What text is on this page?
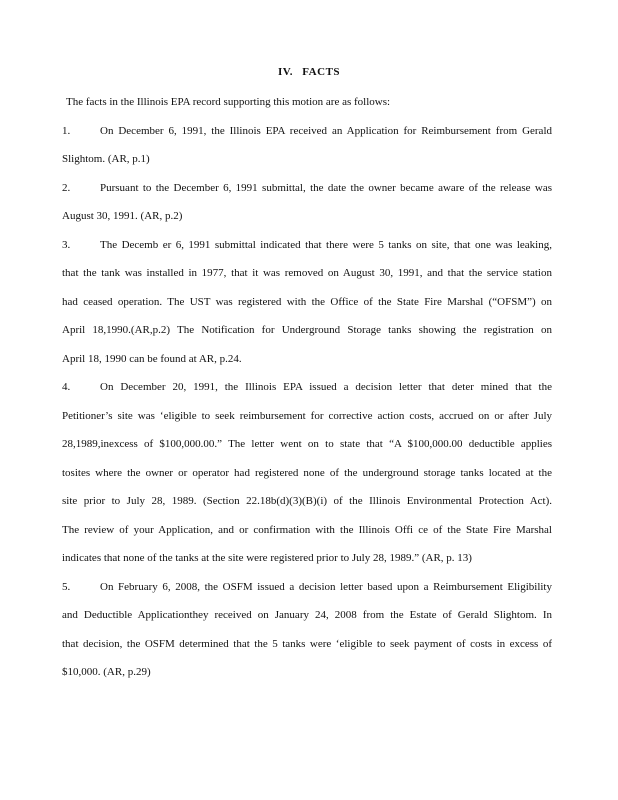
IV. FACTS
The facts in the Illinois EPA record supporting this motion are as follows:
1.	On December 6, 1991, the Illinois EPA received an Application for Reimbursement from Gerald
Slightom. (AR, p.1)
2.	Pursuant to the December 6, 1991 submittal, the date the owner became aware of the release was
August 30, 1991. (AR, p.2)
3.	The Decemb er 6, 1991 submittal indicated that there were 5 tanks on site, that one was leaking,
that the tank was installed in 1977, that it was removed on August 30, 1991, and that the service station
had ceased operation. The UST was registered with the Office of the State Fire Marshal (“OFSM”) on
April 18,1990.(AR,p.2) The Notification for Underground Storage tanks showing the registration on
April 18, 1990 can be found at AR, p.24.
4.	On December 20, 1991, the Illinois EPA issued a decision letter that deter mined that the
Petitioner’s site was ‘eligible to seek reimbursement for corrective action costs, accrued on or after July
28,1989,inexcess of $100,000.00.” The letter went on to state that “A $100,000.00 deductible applies
tosites where the owner or operator had registered none of the underground storage tanks located at the
site prior to July 28, 1989. (Section 22.18b(d)(3)(B)(i) of the Illinois Environmental Protection Act).
The review of your Application, and or confirmation with the Illinois Offi ce of the State Fire Marshal
indicates that none of the tanks at the site were registered prior to July 28, 1989.” (AR, p. 13)
5.	On February 6, 2008, the OSFM issued a decision letter based upon a Reimbursement Eligibility
and Deductible Applicationthey received on January 24, 2008 from the Estate of Gerald Slightom. In
that decision, the OSFM determined that the 5 tanks were ‘eligible to seek payment of costs in excess of
$10,000. (AR, p.29)
